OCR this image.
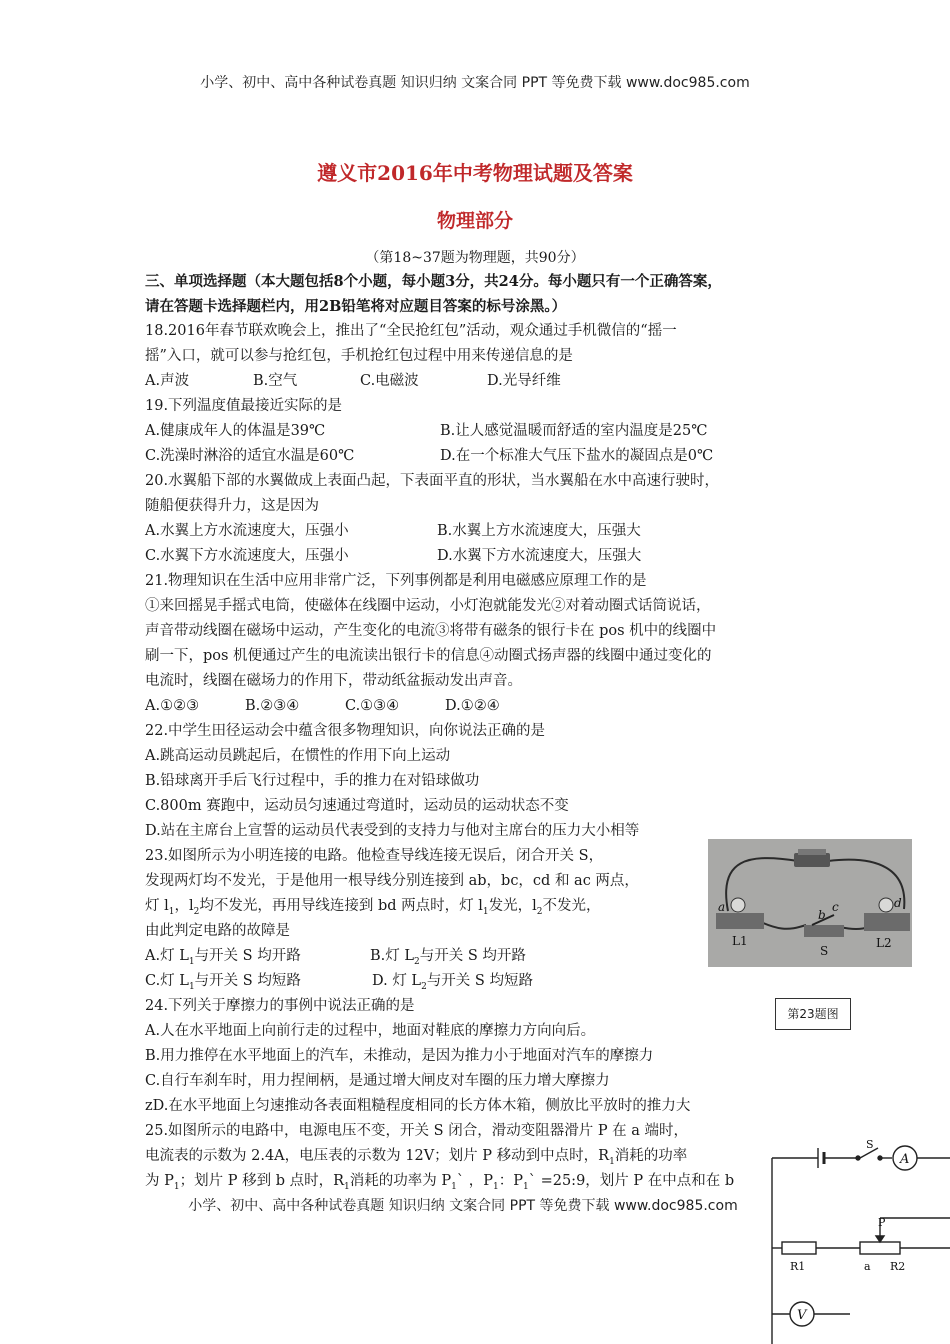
小学、初中、高中各种试卷真题 知识归纳 文案合同 PPT 等免费下载 www.doc985.com
遵义市2016年中考物理试题及答案
物理部分
（第18~37题为物理题，共90分）
三、单项选择题（本大题包括8个小题，每小题3分，共24分。每小题只有一个正确答案，
请在答题卡选择题栏内，用2B铅笔将对应题目答案的标号涂黑。）
18.2016年春节联欢晚会上，推出了“全民抢红包”活动，观众通过手机微信的“摇一
摇”入口，就可以参与抢红包，手机抢红包过程中用来传递信息的是
A.声波	B.空气	C.电磁波	D.光导纤维
19.下列温度值最接近实际的是
A.健康成年人的体温是39℃	B.让人感觉温暖而舒适的室内温度是25℃
C.洗澡时淋浴的适宜水温是60℃	D.在一个标准大气压下盐水的凝固点是0℃
20.水翼船下部的水翼做成上表面凸起，下表面平直的形状，当水翼船在水中高速行驶时，
随船便获得升力，这是因为
A.水翼上方水流速度大，压强小	B.水翼上方水流速度大，压强大
C.水翼下方水流速度大，压强小	D.水翼下方水流速度大，压强大
21.物理知识在生活中应用非常广泛，下列事例都是利用电磁感应原理工作的是
①来回摇晃手摇式电筒，使磁体在线圈中运动，小灯泡就能发光②对着动圈式话筒说话，
声音带动线圈在磁场中运动，产生变化的电流③将带有磁条的银行卡在 pos 机中的线圈中
刷一下，pos 机便通过产生的电流读出银行卡的信息④动圈式扬声器的线圈中通过变化的
电流时，线圈在磁场力的作用下，带动纸盆振动发出声音。
A.①②③	B.②③④	C.①③④	D.①②④
22.中学生田径运动会中蕴含很多物理知识，向你说法正确的是
A.跳高运动员跳起后，在惯性的作用下向上运动
B.铅球离开手后飞行过程中，手的推力在对铅球做功
C.800m 赛跑中，运动员匀速通过弯道时，运动员的运动状态不变
D.站在主席台上宣誓的运动员代表受到的支持力与他对主席台的压力大小相等
23.如图所示为小明连接的电路。他检查导线连接无误后，闭合开关 S，
发现两灯均不发光，于是他用一根导线分别连接到 ab，bc，cd 和 ac 两点，
灯 $l_1$，$l_2$均不发光，再用导线连接到 bd 两点时，灯 $l_1$发光，$l_2$不发光，
由此判定电路的故障是
A.灯 $L_1$与开关 S 均开路	B.灯 $L_2$与开关 S 均开路
C.灯 $L_1$与开关 S 均短路	D. 灯 $L_2$与开关 S 均短路
a
b
c	d
L1
S
L2
第23题图
24.下列关于摩擦力的事例中说法正确的是
A.人在水平地面上向前行走的过程中，地面对鞋底的摩擦力方向向后。
B.用力推停在水平地面上的汽车，未推动，是因为推力小于地面对汽车的摩擦力
C.自行车刹车时，用力捏闸柄，是通过增大闸皮对车圈的压力增大摩擦力
zD.在水平地面上匀速推动各表面粗糙程度相同的长方体木箱，侧放比平放时的推力大
25.如图所示的电路中，电源电压不变，开关 S 闭合，滑动变阻器滑片 P 在 a 端时，
电流表的示数为 2.4A，电压表的示数为 12V；划片 P 移动到中点时，$R_1$消耗的功率
为 $P_1$；划片 P 移到 b 点时，$R_1$消耗的功率为 $P_1`$ ，$P_1$：$P_1`$ =25:9，划片 P 在中点和在 b
小学、初中、高中各种试卷真题 知识归纳 文案合同 PPT 等免费下载 www.doc985.com
A
V
S
P
R1	R2
a
